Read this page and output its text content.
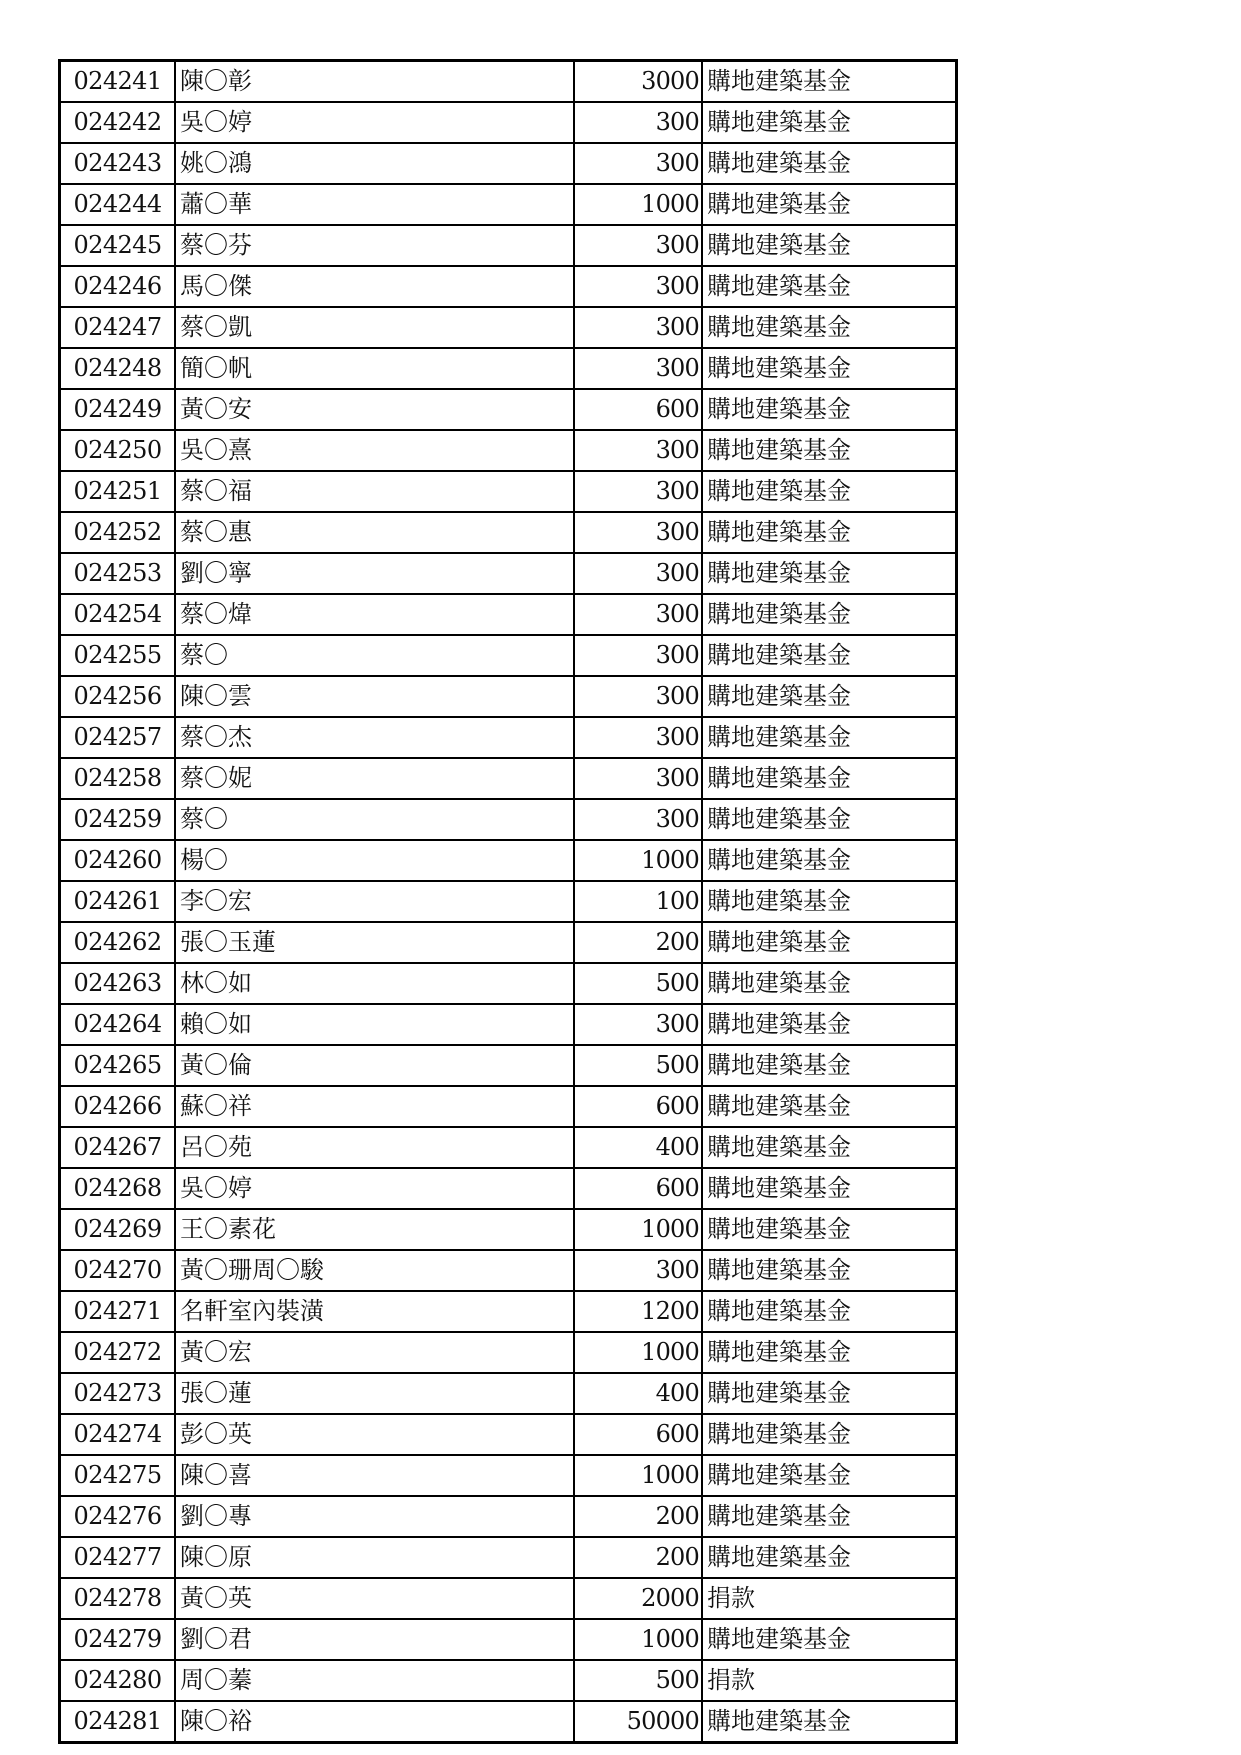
024241	陳〇彰	3000	購地建築基金
024242	吳〇婷	300	購地建築基金
024243	姚〇鴻	300	購地建築基金
024244	蕭〇華	1000	購地建築基金
024245	蔡〇芬	300	購地建築基金
024246	馬〇傑	300	購地建築基金
024247	蔡〇凱	300	購地建築基金
024248	簡〇帆	300	購地建築基金
024249	黃〇安	600	購地建築基金
024250	吳〇熹	300	購地建築基金
024251	蔡〇福	300	購地建築基金
024252	蔡〇惠	300	購地建築基金
024253	劉〇寧	300	購地建築基金
024254	蔡〇煒	300	購地建築基金
024255	蔡〇	300	購地建築基金
024256	陳〇雲	300	購地建築基金
024257	蔡〇杰	300	購地建築基金
024258	蔡〇妮	300	購地建築基金
024259	蔡〇	300	購地建築基金
024260	楊〇	1000	購地建築基金
024261	李〇宏	100	購地建築基金
024262	張〇玉蓮	200	購地建築基金
024263	林〇如	500	購地建築基金
024264	賴〇如	300	購地建築基金
024265	黃〇倫	500	購地建築基金
024266	蘇〇祥	600	購地建築基金
024267	呂〇苑	400	購地建築基金
024268	吳〇婷	600	購地建築基金
024269	王〇素花	1000	購地建築基金
024270	黃〇珊周〇駿	300	購地建築基金
024271	名軒室內裝潢	1200	購地建築基金
024272	黃〇宏	1000	購地建築基金
024273	張〇蓮	400	購地建築基金
024274	彭〇英	600	購地建築基金
024275	陳〇喜	1000	購地建築基金
024276	劉〇專	200	購地建築基金
024277	陳〇原	200	購地建築基金
024278	黃〇英	2000	捐款
024279	劉〇君	1000	購地建築基金
024280	周〇蓁	500	捐款
024281	陳〇裕	50000	購地建築基金
